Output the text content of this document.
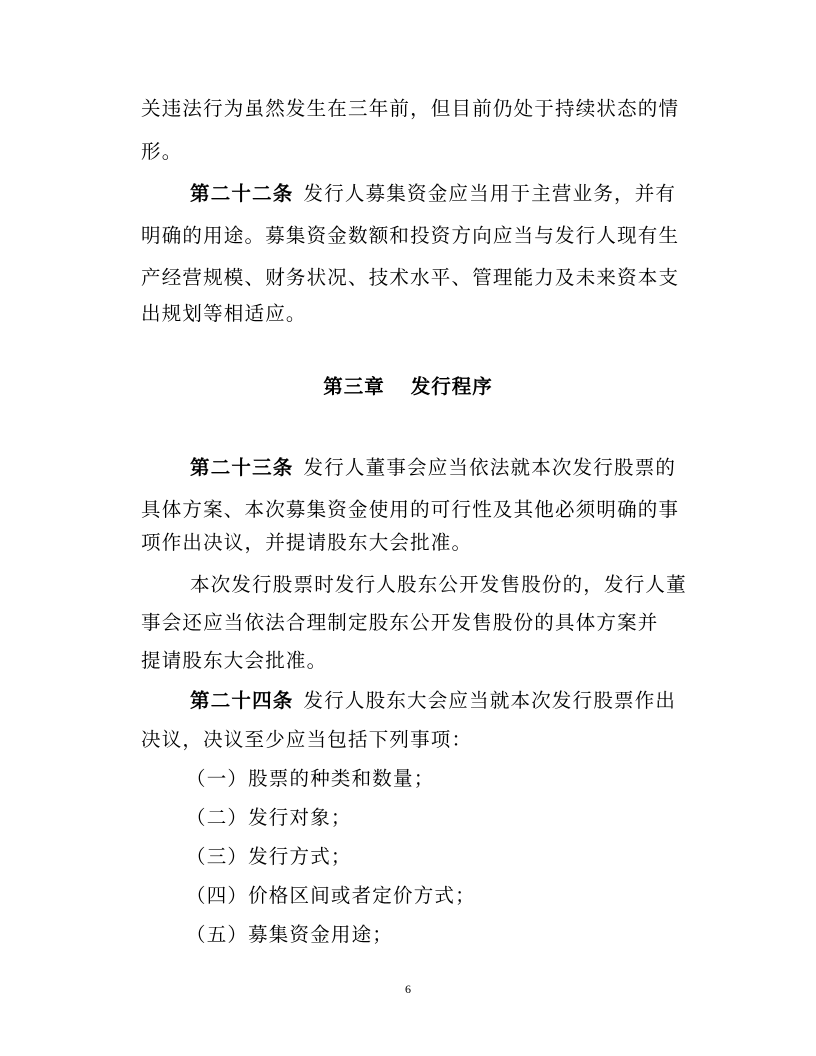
关违法行为虽然发生在三年前，但目前仍处于持续状态的情
形。
第二十二条 发行人募集资金应当用于主营业务，并有
明确的用途。募集资金数额和投资方向应当与发行人现有生
产经营规模、财务状况、技术水平、管理能力及未来资本支
出规划等相适应。
第三章 发行程序
第二十三条 发行人董事会应当依法就本次发行股票的
具体方案、本次募集资金使用的可行性及其他必须明确的事
项作出决议，并提请股东大会批准。
本次发行股票时发行人股东公开发售股份的，发行人董
事会还应当依法合理制定股东公开发售股份的具体方案并
提请股东大会批准。
第二十四条 发行人股东大会应当就本次发行股票作出
决议，决议至少应当包括下列事项：
（一）股票的种类和数量；
（二）发行对象；
（三）发行方式；
（四）价格区间或者定价方式；
（五）募集资金用途；
6
